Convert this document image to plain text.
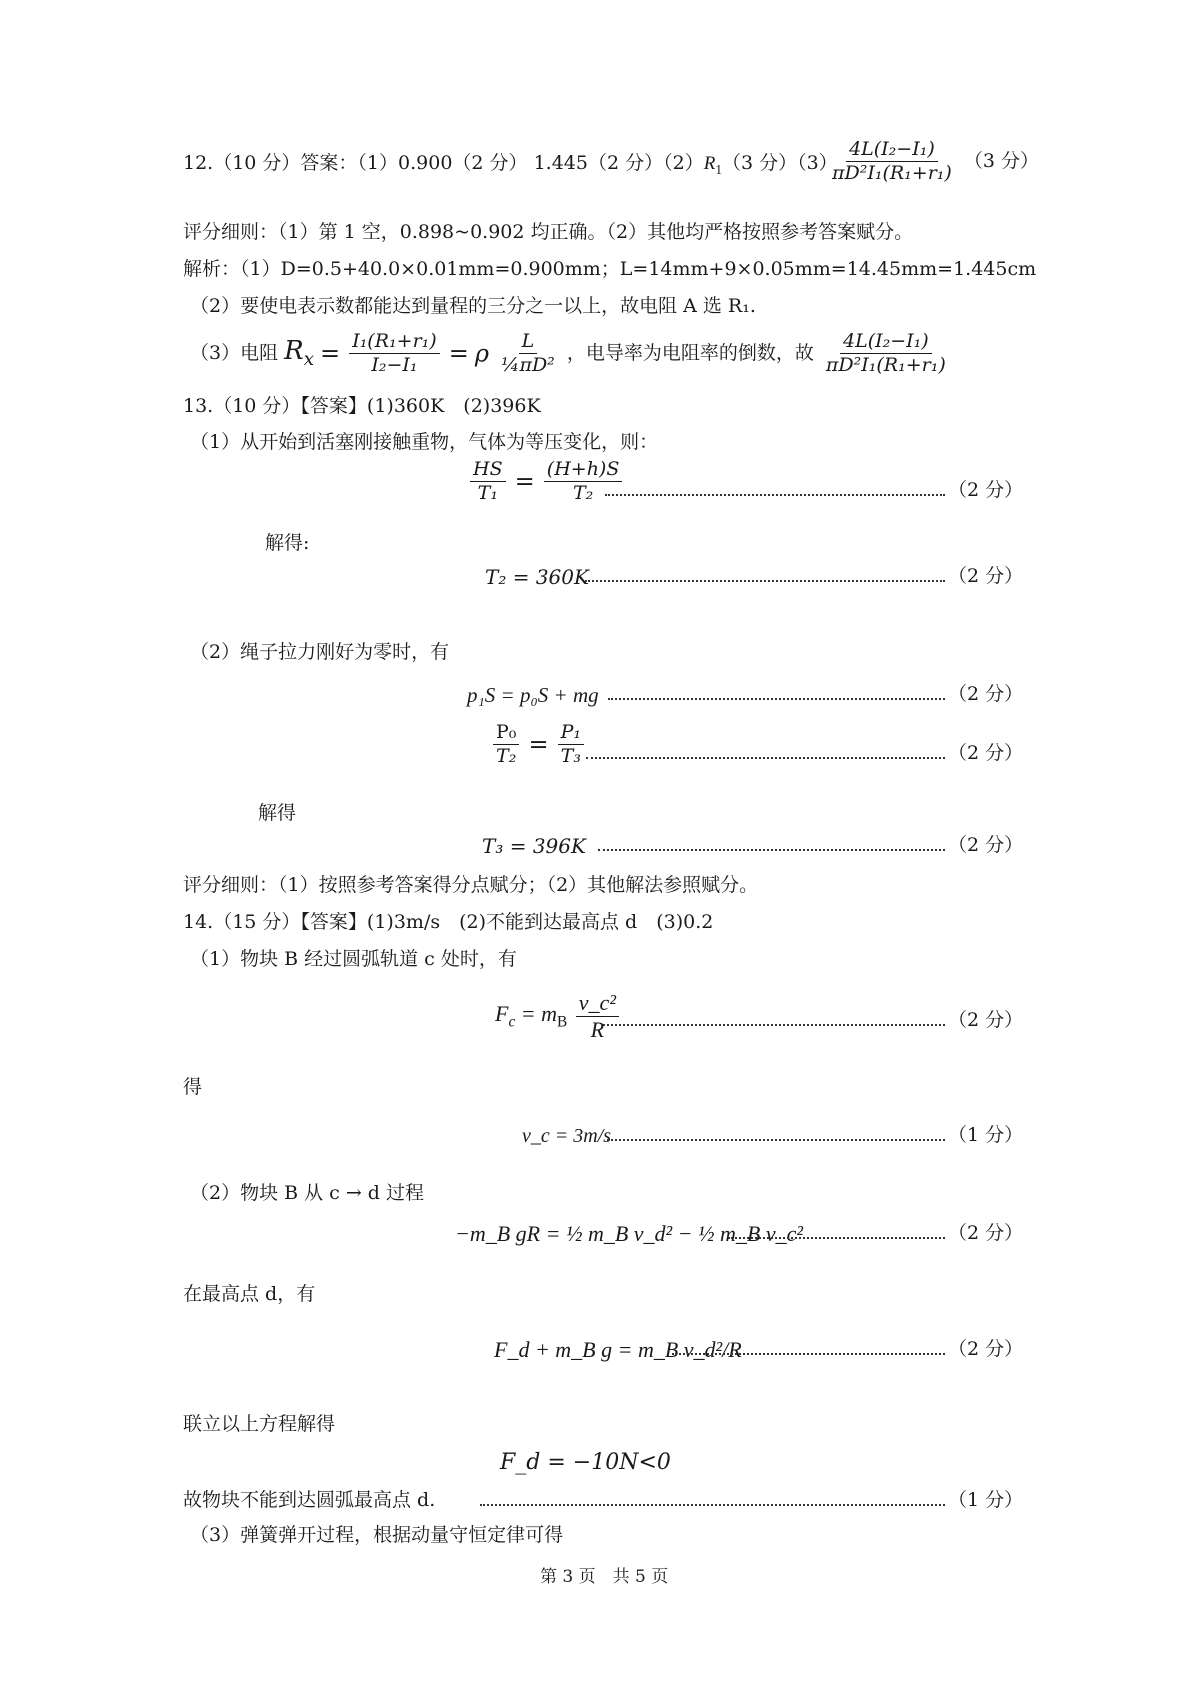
12.（10 分）答案：（1）0.900（2 分） 1.445（2 分）$(2)R_1(3$ 分）（3）
$\frac{\text{4L(I₂−I₁)}}{\text{πD²I₁(R₁+r₁)}} (3$ 分）
评分细则：（1）第 1 空，0.898~0.902 均正确。（2）其他均严格按照参考答案赋分。
解析：（1）D=0.5+40.0×0.01mm=0.900mm；L=14mm+9×0.05mm=14.45mm=1.445cm
（2）要使电表示数都能达到量程的三分之一以上，故电阻 A 选 R₁.
（3）电阻 $R_x = \frac{\text{I₁(R₁+r₁)}}{\text{I₂−I₁}} = \rho \frac{L}{\text{¼πD²}}$ ，电导率为电阻率的倒数，故 $\frac{\text{4L(I₂−I₁)}}{\text{πD²I₁(R₁+r₁)}}$
13.（10 分）【答案】(1)360K　(2)396K
（1）从开始到活塞刚接触重物，气体为等压变化，则：
$\frac{HS}{\text{T₁}} = \frac{(H+h)S}{\text{T₂}}$	（2 分）
解得:
T₂ = 360K	（2 分）
（2）绳子拉力刚好为零时，有
p₁S = p₀S + mg	（2 分）
$\frac{\text{P₀}}{\text{T₂}} = \frac{\text{P₁}}{\text{T₃}}$	（2 分）
解得
T₃ = 396K	（2 分）
评分细则：（1）按照参考答案得分点赋分；（2）其他解法参照赋分。
14.（15 分）【答案】(1)3m/s　(2)不能到达最高点 d　(3)0.2
（1）物块 B 经过圆弧轨道 c 处时，有
$F_c = m_B \frac{\text{v\_c²}}{R}$	（2 分）
得
v_c = 3m/s	（1 分）
（2）物块 B 从 c → d 过程
−m_B gR = ½ m_B v_d² − ½ m_B v_c²	（2 分）
在最高点 d，有
F_d + m_B g = m_B v_d²/R	（2 分）
联立以上方程解得
F_d = −10N<0
故物块不能到达圆弧最高点 d.	（1 分）
（3）弹簧弹开过程，根据动量守恒定律可得
第 3 页　共 5 页
